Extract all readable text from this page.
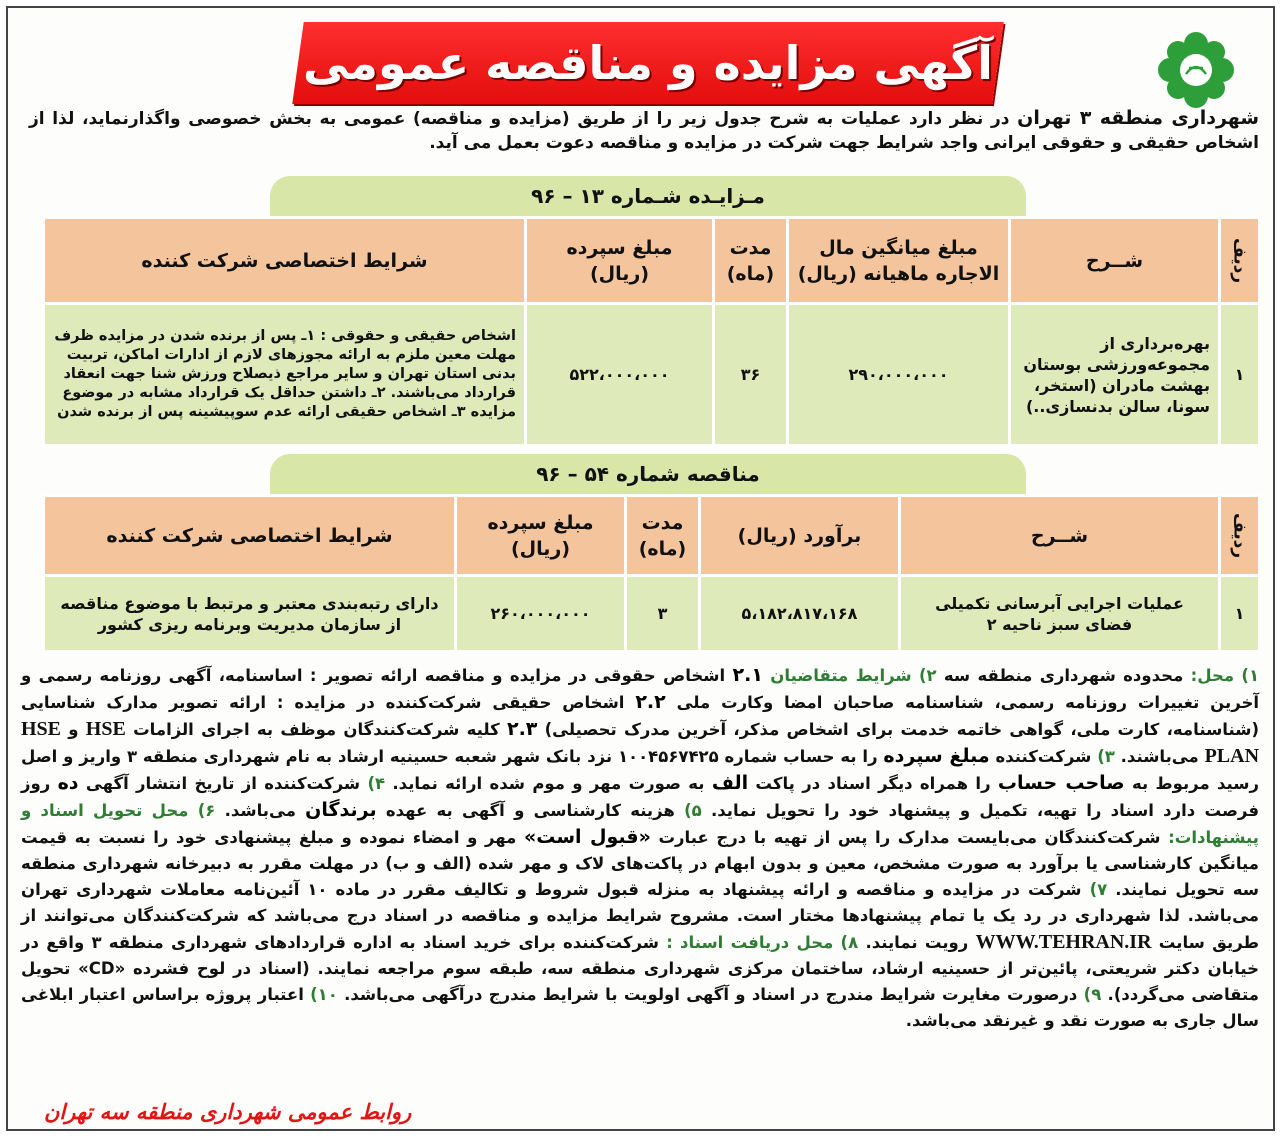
آگهی مزایده و مناقصه عمومی
شهرداری منطقه ۳ تهران در نظر دارد عملیات به شرح جدول زیر را از طریق (مزایده و مناقصه) عمومی به بخش خصوصی واگذارنماید، لذا از اشخاص حقیقی و حقوقی ایرانی واجد شرایط جهت شرکت در مزایده و مناقصه دعوت بعمل می آید.
مـزایـده شـماره ۱۳ – ۹۶
ردیف	شــرح	مبلغ میانگین مال الاجاره ماهیانه (ریال)	مدت (ماه)	مبلغ سپرده (ریال)	شرایط اختصاصی شرکت کننده
۱	بهره‌برداری از مجموعه‌ورزشی بوستان بهشت مادران (استخر، سونا، سالن بدنسازی..)	۲۹۰،۰۰۰،۰۰۰	۳۶	۵۲۲،۰۰۰،۰۰۰	اشخاص حقیقی و حقوقی : ۱ـ پس از برنده شدن در مزایده ظرف مهلت معین ملزم به ارائه مجوزهای لازم از ادارات اماکن، تربیت بدنی استان تهران و سایر مراجع ذیصلاح ورزش شنا جهت انعقاد قرارداد می‌باشند. ۲ـ داشتن حداقل یک قرارداد مشابه در موضوع مزایده ۳ـ اشخاص حقیقی ارائه عدم سوپیشینه پس از برنده شدن
مناقصه شماره ۵۴ – ۹۶
ردیف	شــرح	برآورد (ریال)	مدت (ماه)	مبلغ سپرده (ریال)	شرایط اختصاصی شرکت کننده
۱	عملیات اجرایی آبرسانی تکمیلی فضای سبز ناحیه ۲	۵،۱۸۲،۸۱۷،۱۶۸	۳	۲۶۰،۰۰۰،۰۰۰	دارای رتبه‌بندی معتبر و مرتبط با موضوع مناقصه از سازمان مدیریت وبرنامه ریزی کشور
۱) محل: محدوده شهرداری منطقه سه ۲) شرایط متقاضیان ۲.۱ اشخاص حقوقی در مزایده و مناقصه ارائه تصویر : اساسنامه، آگهی روزنامه رسمی و آخرین تغییرات روزنامه رسمی، شناسنامه صاحبان امضا وکارت ملی ۲.۲ اشخاص حقیقی شرکت‌کننده در مزایده : ارائه تصویر مدارک شناسایی (شناسنامه، کارت ملی، گواهی خاتمه خدمت برای اشخاص مذکر، آخرین مدرک تحصیلی) ۲.۳ کلیه شرکت‌کنندگان موظف به اجرای الزامات HSE و HSE PLAN می‌باشند. ۳) شرکت‌کننده مبلغ سپرده را به حساب شماره ۱۰۰۴۵۶۷۴۲۵ نزد بانک شهر شعبه حسینیه ارشاد به نام شهرداری منطقه ۳ واریز و اصل رسید مربوط به صاحب حساب را همراه دیگر اسناد در پاکت الف به صورت مهر و موم شده ارائه نماید. ۴) شرکت‌کننده از تاریخ انتشار آگهی ده روز فرصت دارد اسناد را تهیه، تکمیل و پیشنهاد خود را تحویل نماید. ۵) هزینه کارشناسی و آگهی به عهده برندگان می‌باشد. ۶) محل تحویل اسناد و پیشنهادات: شرکت‌کنندگان می‌بایست مدارک را پس از تهیه با درج عبارت «قبول است» مهر و امضاء نموده و مبلغ پیشنهادی خود را نسبت به قیمت میانگین کارشناسی یا برآورد به صورت مشخص، معین و بدون ابهام در پاکت‌های لاک و مهر شده (الف و ب) در مهلت مقرر به دبیرخانه شهرداری منطقه سه تحویل نمایند. ۷) شرکت در مزایده و مناقصه و ارائه پیشنهاد به منزله قبول شروط و تکالیف مقرر در ماده ۱۰ آئین‌نامه معاملات شهرداری تهران می‌باشد. لذا شهرداری در رد یک یا تمام پیشنهادها مختار است. مشروح شرایط مزایده و مناقصه در اسناد درج می‌باشد که شرکت‌کنندگان می‌توانند از طریق سایت WWW.TEHRAN.IR رویت نمایند. ۸) محل دریافت اسناد : شرکت‌کننده برای خرید اسناد به اداره قراردادهای شهرداری منطقه ۳ واقع در خیابان دکتر شریعتی، پائین‌تر از حسینیه ارشاد، ساختمان مرکزی شهرداری منطقه سه، طبقه سوم مراجعه نمایند. (اسناد در لوح فشرده «CD» تحویل متقاضی می‌گردد). ۹) درصورت مغایرت شرایط مندرج در اسناد و آگهی اولویت با شرایط مندرج درآگهی می‌باشد. ۱۰) اعتبار پروژه براساس اعتبار ابلاغی سال جاری به صورت نقد و غیرنقد می‌باشد.
روابط عمومی شهرداری منطقه سه تهران
